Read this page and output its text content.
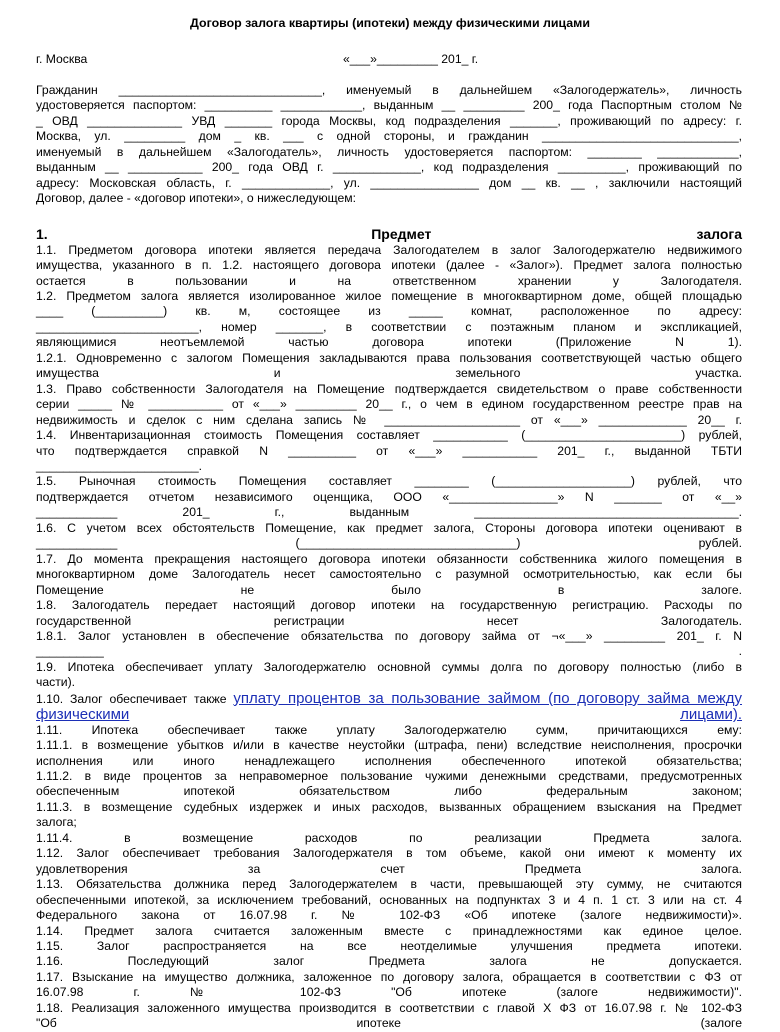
Договор залога квартиры (ипотеки) между физическими лицами
г. Москва	«___»_________ 201_ г.
Гражданин ______________________________, именуемый в дальнейшем «Залогодержатель», личность
удостоверяется паспортом: __________ ____________, выданным __ _________ 200_ года Паспортным столом №
_ ОВД ______________ УВД _______ города Москвы, код подразделения _______, проживающий по адресу: г.
Москва, ул. _________ дом _ кв. ___ с одной стороны, и гражданин _____________________________,
именуемый в дальнейшем «Залогодатель», личность удостоверяется паспортом: ________ ____________,
выданным __ ___________ 200_ года ОВД г. _____________, код подразделения __________, проживающий по
адресу: Московская область, г. _____________, ул. ________________ дом __ кв. __ , заключили настоящий
Договор, далее - «договор ипотеки», о нижеследующем:
1.	Предмет	залога
1.1. Предметом договора ипотеки является передача Залогодателем в залог Залогодержателю недвижимого
имущества, указанного в п. 1.2. настоящего договора ипотеки (далее - «Залог»). Предмет залога полностью
остается в пользовании и на ответственном хранении у Залогодателя.
1.2. Предметом залога является изолированное жилое помещение в многоквартирном доме, общей площадью
____ (__________) кв. м, состоящее из _____ комнат, расположенное по адресу:
________________________, номер _______, в соответствии с поэтажным планом и экспликацией,
являющимися неотъемлемой частью договора ипотеки (Приложение N 1).
1.2.1. Одновременно с залогом Помещения закладываются права пользования соответствующей частью общего
имущества и земельного участка.
1.3. Право собственности Залогодателя на Помещение подтверждается свидетельством о праве собственности
серии _____ № ___________ от «___» _________ 20__ г., о чем в едином государственном реестре прав на
недвижимость и сделок с ним сделана запись № ____________________ от «___» _____________ 20__ г.
1.4. Инвентаризационная стоимость Помещения составляет ___________ (_______________________) рублей,
что подтверждается справкой N __________ от «___» ___________ 201_ г., выданной ТБТИ
________________________.
1.5. Рыночная стоимость Помещения составляет ________ (____________________) рублей, что
подтверждается отчетом независимого оценщика, ООО «________________» N _______ от «__»
____________ 201_ г., выданным _______________________________________.
1.6. С учетом всех обстоятельств Помещение, как предмет залога, Стороны договора ипотеки оценивают в
____________ (________________________________) рублей.
1.7. До момента прекращения настоящего договора ипотеки обязанности собственника жилого помещения в
многоквартирном доме Залогодатель несет самостоятельно с разумной осмотрительностью, как если бы
Помещение не было в залоге.
1.8. Залогодатель передает настоящий договор ипотеки на государственную регистрацию. Расходы по
государственной регистрации несет Залогодатель.
1.8.1. Залог установлен в обеспечение обязательства по договору займа от ¬«___» _________ 201_ г. N
__________ .
1.9. Ипотека обеспечивает уплату Залогодержателю основной суммы долга по договору полностью (либо в
части).
1.10. Залог обеспечивает также уплату процентов за пользование займом (по договору займа между
физическими	лицами).
1.11. Ипотека обеспечивает также уплату Залогодержателю сумм, причитающихся ему:
1.11.1. в возмещение убытков и/или в качестве неустойки (штрафа, пени) вследствие неисполнения, просрочки
исполнения или иного ненадлежащего исполнения обеспеченного ипотекой обязательства;
1.11.2. в виде процентов за неправомерное пользование чужими денежными средствами, предусмотренных
обеспеченным ипотекой обязательством либо федеральным законом;
1.11.3. в возмещение судебных издержек и иных расходов, вызванных обращением взыскания на Предмет
залога;
1.11.4. в возмещение расходов по реализации Предмета залога.
1.12. Залог обеспечивает требования Залогодержателя в том объеме, какой они имеют к моменту их
удовлетворения за счет Предмета залога.
1.13. Обязательства должника перед Залогодержателем в части, превышающей эту сумму, не считаются
обеспеченными ипотекой, за исключением требований, основанных на подпунктах 3 и 4 п. 1 ст. 3 или на ст. 4
Федерального закона от 16.07.98 г. № 102-ФЗ «Об ипотеке (залоге недвижимости)».
1.14. Предмет залога считается заложенным вместе с принадлежностями как единое целое.
1.15. Залог распространяется на все неотделимые улучшения предмета ипотеки.
1.16. Последующий залог Предмета залога не допускается.
1.17. Взыскание на имущество должника, заложенное по договору залога, обращается в соответствии с ФЗ от
16.07.98 г. № 102-ФЗ "Об ипотеке (залоге недвижимости)".
1.18. Реализация заложенного имущества производится в соответствии с главой X ФЗ от 16.07.98 г. № 102-ФЗ
"Об ипотеке (залоге
